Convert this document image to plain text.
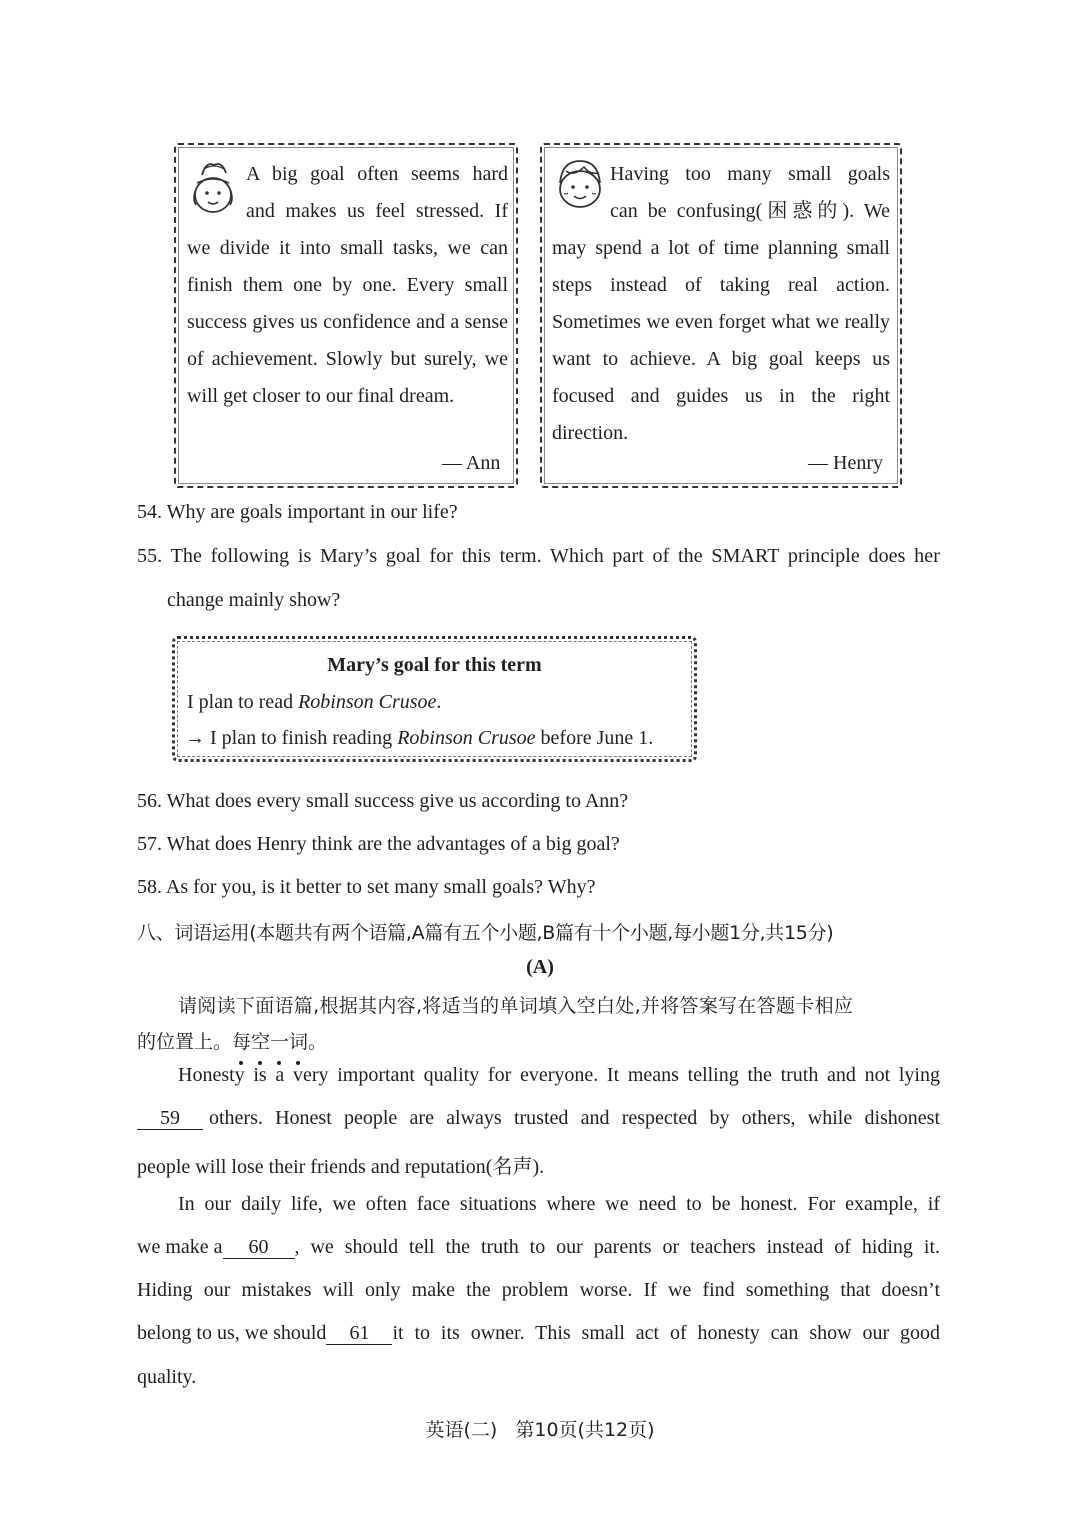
A big goal often seems hard
and makes us feel stressed. If
we divide it into small tasks, we can finish them one by one. Every small success gives us confidence and a sense of achievement. Slowly but surely, we will get closer to our final dream.
— Ann
Having too many small goals
can be confusing(困惑的). We
may spend a lot of time planning small steps instead of taking real action. Sometimes we even forget what we really want to achieve. A big goal keeps us focused and guides us in the right direction.
— Henry
54. Why are goals important in our life?
55. The following is Mary’s goal for this term. Which part of the SMART principle does her
change mainly show?
Mary’s goal for this term
I plan to read Robinson Crusoe.
→ I plan to finish reading Robinson Crusoe before June 1.
56. What does every small success give us according to Ann?
57. What does Henry think are the advantages of a big goal?
58. As for you, is it better to set many small goals? Why?
八、词语运用(本题共有两个语篇,A篇有五个小题,B篇有十个小题,每小题1分,共15分)
(A)
请阅读下面语篇,根据其内容,将适当的单词填入空白处,并将答案写在答题卡相应
的位置上。每空一词
。
Honesty is a very important quality for everyone. It means telling the truth and not lying
59	others. Honest people are always trusted and respected by others, while dishonest
people will lose their friends and reputation(名声).
In our daily life, we often face situations where we need to be honest. For example, if
we make a	60	, we should tell the truth to our parents or teachers instead of hiding it.
Hiding our mistakes will only make the problem worse. If we find something that doesn’t
belong to us, we should	61	it to its owner. This small act of honesty can show our good
quality.
英语(二)   第10页(共12页)
